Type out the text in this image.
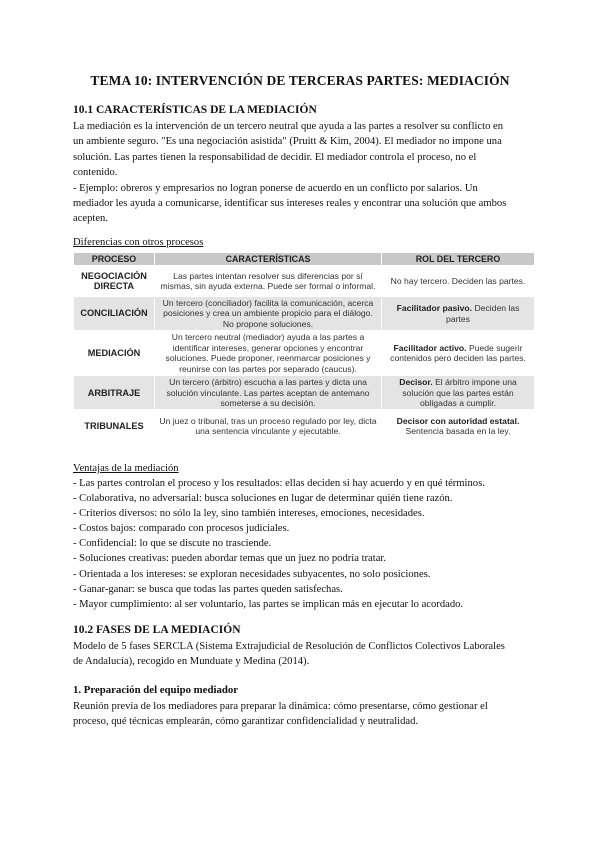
TEMA 10: INTERVENCIÓN DE TERCERAS PARTES: MEDIACIÓN
10.1 CARACTERÍSTICAS DE LA MEDIACIÓN
La mediación es la intervención de un tercero neutral que ayuda a las partes a resolver su conflicto en
un ambiente seguro. "Es una negociación asistida" (Pruitt & Kim, 2004). El mediador no impone una
solución. Las partes tienen la responsabilidad de decidir. El mediador controla el proceso, no el
contenido.
- Ejemplo: obreros y empresarios no logran ponerse de acuerdo en un conflicto por salarios. Un
mediador les ayuda a comunicarse, identificar sus intereses reales y encontrar una solución que ambos
acepten.
Diferencias con otros procesos
PROCESO	CARACTERÍSTICAS	ROL DEL TERCERO
NEGOCIACIÓN DIRECTA	Las partes intentan resolver sus diferencias por sí mismas, sin ayuda externa. Puede ser formal o informal.	No hay tercero. Deciden las partes.
CONCILIACIÓN	Un tercero (conciliador) facilita la comunicación, acerca posiciones y crea un ambiente propicio para el diálogo. No propone soluciones.	Facilitador pasivo. Deciden las partes
MEDIACIÓN	Un tercero neutral (mediador) ayuda a las partes a identificar intereses, generar opciones y encontrar soluciones. Puede proponer, reenmarcar posiciones y reunirse con las partes por separado (caucus).	Facilitador activo. Puede sugerir contenidos pero deciden las partes.
ARBITRAJE	Un tercero (árbitro) escucha a las partes y dicta una solución vinculante. Las partes aceptan de antemano someterse a su decisión.	Decisor. El árbitro impone una solución que las partes están obligadas a cumplir.
TRIBUNALES	Un juez o tribunal, tras un proceso regulado por ley, dicta una sentencia vinculante y ejecutable.	Decisor con autoridad estatal. Sentencia basada en la ley.
Ventajas de la mediación
- Las partes controlan el proceso y los resultados: ellas deciden si hay acuerdo y en qué términos.
- Colaborativa, no adversarial: busca soluciones en lugar de determinar quién tiene razón.
- Criterios diversos: no sólo la ley, sino también intereses, emociones, necesidades.
- Costos bajos: comparado con procesos judiciales.
- Confidencial: lo que se discute no trasciende.
- Soluciones creativas: pueden abordar temas que un juez no podría tratar.
- Orientada a los intereses: se exploran necesidades subyacentes, no solo posiciones.
- Ganar-ganar: se busca que todas las partes queden satisfechas.
- Mayor cumplimiento: al ser voluntario, las partes se implican más en ejecutar lo acordado.
10.2 FASES DE LA MEDIACIÓN
Modelo de 5 fases SERCLA (Sistema Extrajudicial de Resolución de Conflictos Colectivos Laborales
de Andalucía), recogido en Munduate y Medina (2014).
1. Preparación del equipo mediador
Reunión previa de los mediadores para preparar la dinámica: cómo presentarse, cómo gestionar el
proceso, qué técnicas emplearán, cómo garantizar confidencialidad y neutralidad.
